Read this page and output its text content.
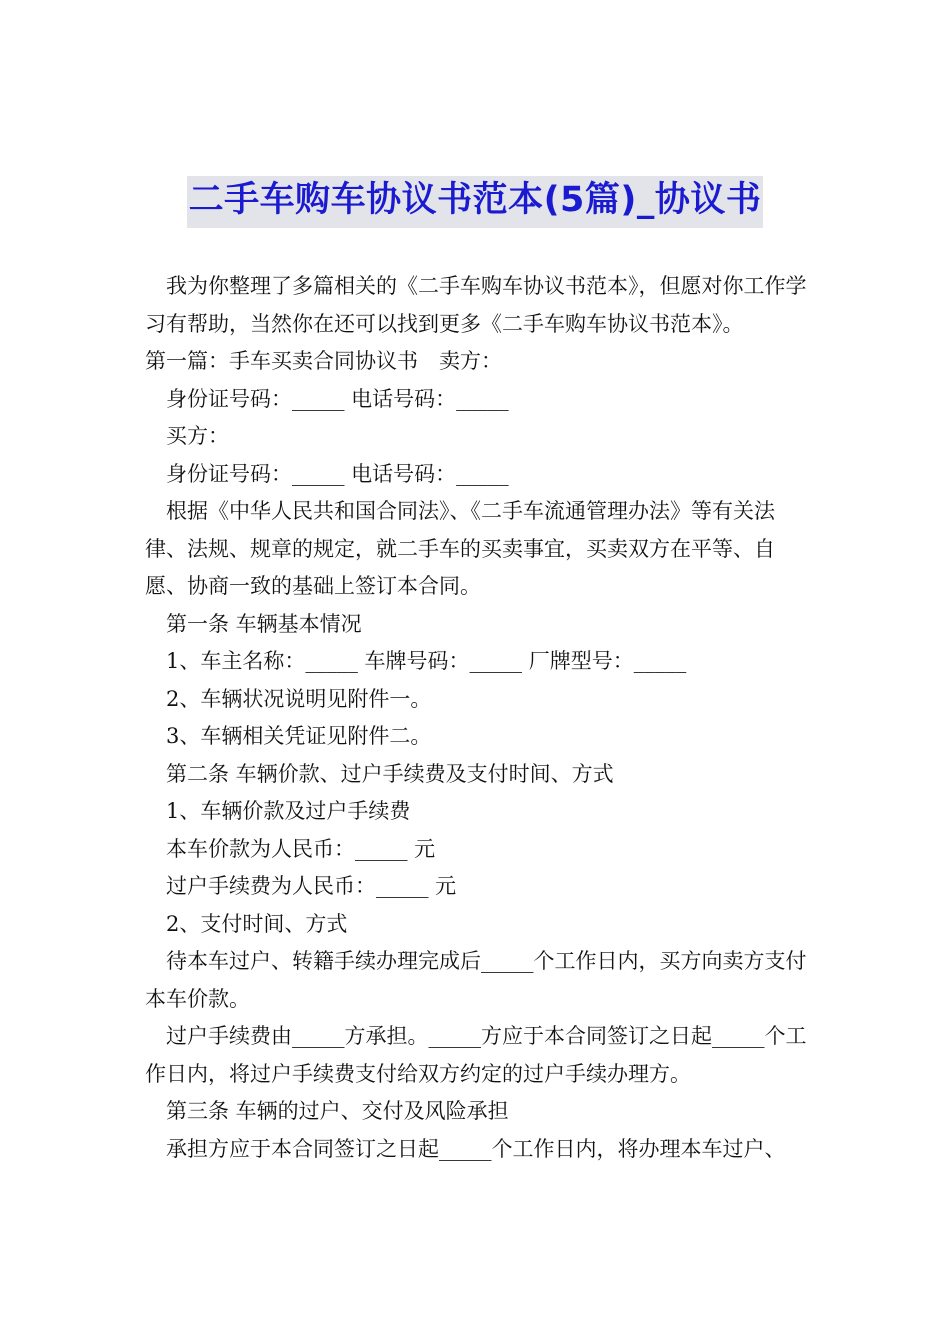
二手车购车协议书范本(5篇)_协议书

我为你整理了多篇相关的《二手车购车协议书范本》，但愿对你工作学习有帮助，当然你在还可以找到更多《二手车购车协议书范本》。

第一篇：手车买卖合同协议书　卖方：

身份证号码：_____ 电话号码：_____

买方：

身份证号码：_____ 电话号码：_____

根据《中华人民共和国合同法》、《二手车流通管理办法》等有关法律、法规、规章的规定，就二手车的买卖事宜，买卖双方在平等、自愿、协商一致的基础上签订本合同。

第一条 车辆基本情况

1、车主名称：_____ 车牌号码：_____ 厂牌型号：_____

2、车辆状况说明见附件一。

3、车辆相关凭证见附件二。

第二条 车辆价款、过户手续费及支付时间、方式

1、车辆价款及过户手续费

本车价款为人民币：_____ 元

过户手续费为人民币：_____ 元

2、支付时间、方式

待本车过户、转籍手续办理完成后_____个工作日内，买方向卖方支付本车价款。

过户手续费由_____方承担。_____方应于本合同签订之日起_____个工作日内，将过户手续费支付给双方约定的过户手续办理方。

第三条 车辆的过户、交付及风险承担

承担方应于本合同签订之日起_____个工作日内，将办理本车过户、
